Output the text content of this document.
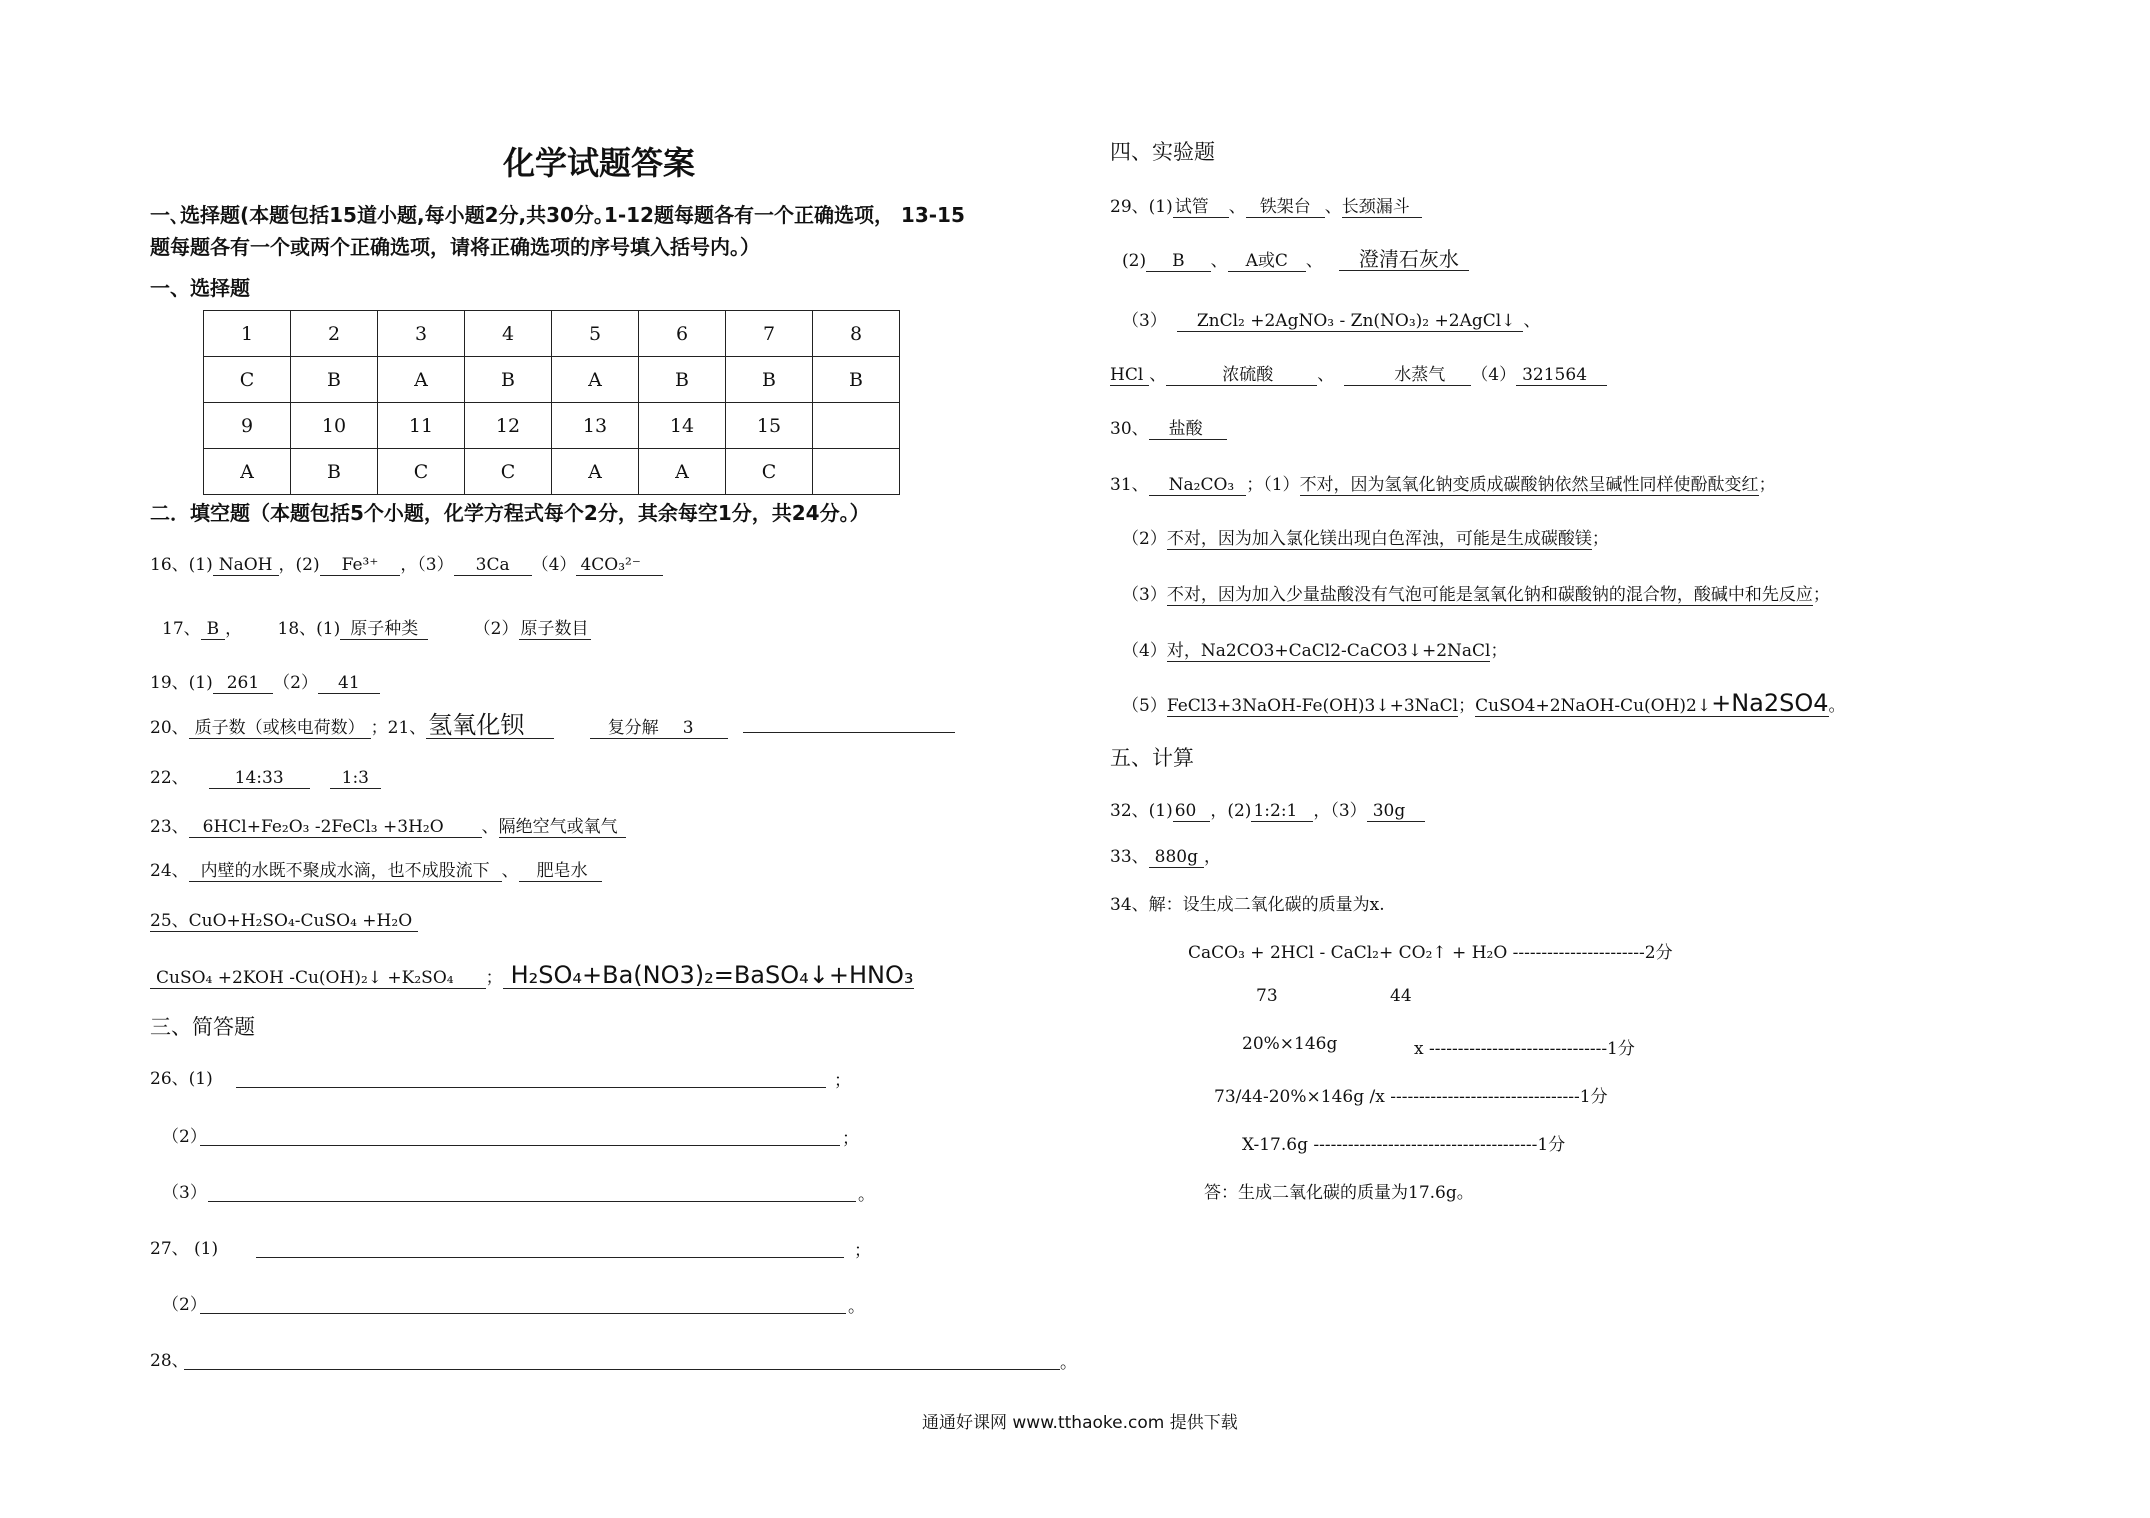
化学试题答案
一､选择题(本题包括15道小题,每小题2分,共30分｡1-12题每题各有一个正确选项， 13-15
题每题各有一个或两个正确选项，请将正确选项的序号填入括号内。）
一、选择题
1	2	3	4	5	6	7	8
C	B	A	B	A	B	B	B
9	10	11	12	13	14	15	
A	B	C	C	A	A	C	
二．填空题（本题包括5个小题，化学方程式每个2分，其余每空1分，共24分。）
16、(1) NaOH ，(2) Fe³⁺ ，（3） 3Ca （4） 4CO₃²⁻
17、 B ， 18、(1) 原子种类	（2） 原子数目
19、(1) 261 （2） 41
20、 质子数（或核电荷数） ；21、氢氧化钡	复分解 3
22、	14:33	1:3
23、 6HCl+Fe₂O₃ -2FeCl₃ +3H₂O 、隔绝空气或氧气
24、 内壁的水既不聚成水滴，也不成股流下 、 肥皂水
25、CuO+H₂SO₄-CuSO₄ +H₂O
CuSO₄ +2KOH -Cu(OH)₂↓ +K₂SO₄ ； H₂SO₄+Ba(NO3)₂=BaSO₄↓+HNO₃
三、简答题
26、(1)	；
（2）	；
（3）	。
27、 (1)	；
（2）	。
28、	。
四、实验题
29、(1) 试管 、 铁架台 、长颈漏斗
(2) B 、 A或C 、 澄清石灰水
（3） ZnCl₂ +2AgNO₃ - Zn(NO₃)₂ +2AgCl↓ 、
HCl 、	浓硫酸	、	水蒸气 （4） 321564
30、 盐酸
31、 Na₂CO₃ ；（1）不对，因为氢氧化钠变质成碳酸钠依然呈碱性同样使酚酞变红；
（2）不对，因为加入氯化镁出现白色浑浊，可能是生成碳酸镁；
（3）不对，因为加入少量盐酸没有气泡可能是氢氧化钠和碳酸钠的混合物，酸碱中和先反应；
（4）对，Na2CO3+CaCl2-CaCO3↓+2NaCl；
（5）FeCl3+3NaOH-Fe(OH)3↓+3NaCl；CuSO4+2NaOH-Cu(OH)2↓+Na2SO4。
五、计算
32、(1) 60 ，(2) 1:2:1 ，（3） 30g
33、 880g ，
34、解：设生成二氧化碳的质量为x.
CaCO₃ + 2HCl - CaCl₂+ CO₂↑ + H₂O -----------------------2分
73	44
20%×146g	x -------------------------------1分
73/44-20%×146g /x ---------------------------------1分
X-17.6g ---------------------------------------1分
答：生成二氧化碳的质量为17.6g。
通通好课网 www.tthaoke.com 提供下载
